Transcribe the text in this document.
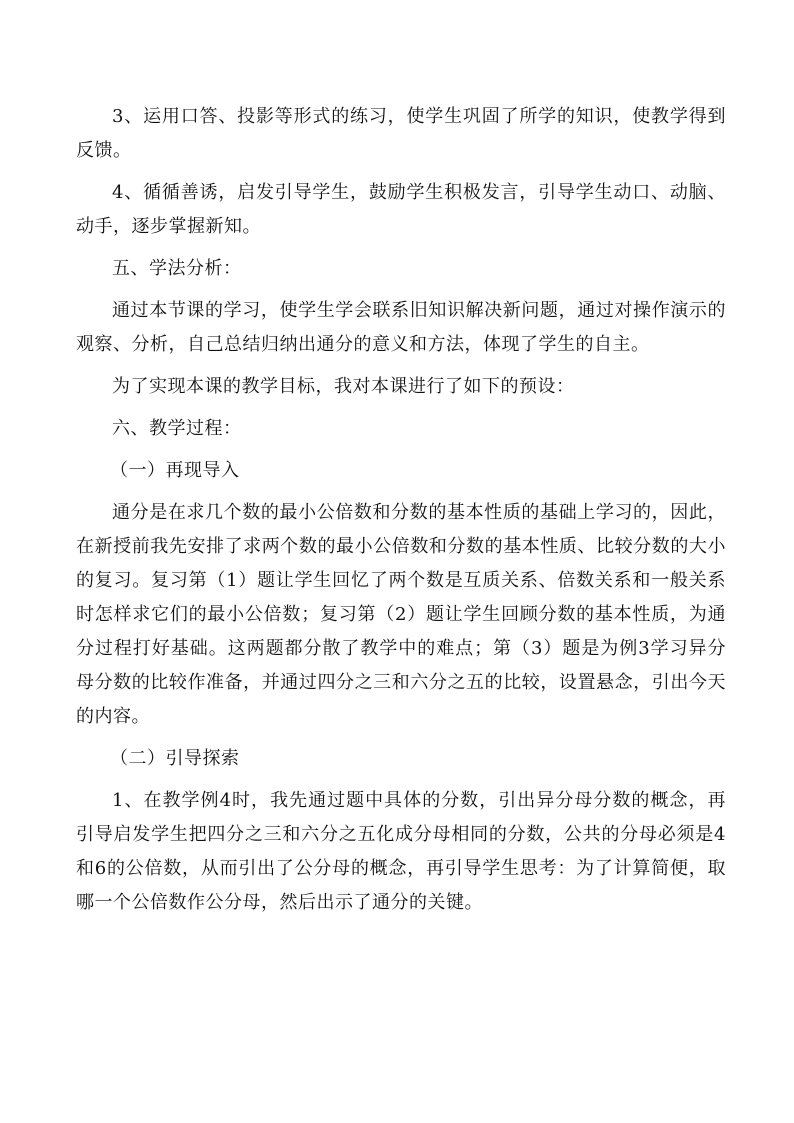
3、运用口答、投影等形式的练习，使学生巩固了所学的知识，使教学得到反馈。

4、循循善诱，启发引导学生，鼓励学生积极发言，引导学生动口、动脑、动手，逐步掌握新知。

五、学法分析：

通过本节课的学习，使学生学会联系旧知识解决新问题，通过对操作演示的观察、分析，自己总结归纳出通分的意义和方法，体现了学生的自主。

为了实现本课的教学目标，我对本课进行了如下的预设：

六、教学过程：

（一）再现导入

通分是在求几个数的最小公倍数和分数的基本性质的基础上学习的，因此，在新授前我先安排了求两个数的最小公倍数和分数的基本性质、比较分数的大小的复习。复习第（1）题让学生回忆了两个数是互质关系、倍数关系和一般关系时怎样求它们的最小公倍数；复习第（2）题让学生回顾分数的基本性质，为通分过程打好基础。这两题都分散了教学中的难点；第（3）题是为例3学习异分母分数的比较作准备，并通过四分之三和六分之五的比较，设置悬念，引出今天的内容。

（二）引导探索

1、在教学例4时，我先通过题中具体的分数，引出异分母分数的概念，再引导启发学生把四分之三和六分之五化成分母相同的分数，公共的分母必须是4和6的公倍数，从而引出了公分母的概念，再引导学生思考：为了计算简便，取哪一个公倍数作公分母，然后出示了通分的关键。
